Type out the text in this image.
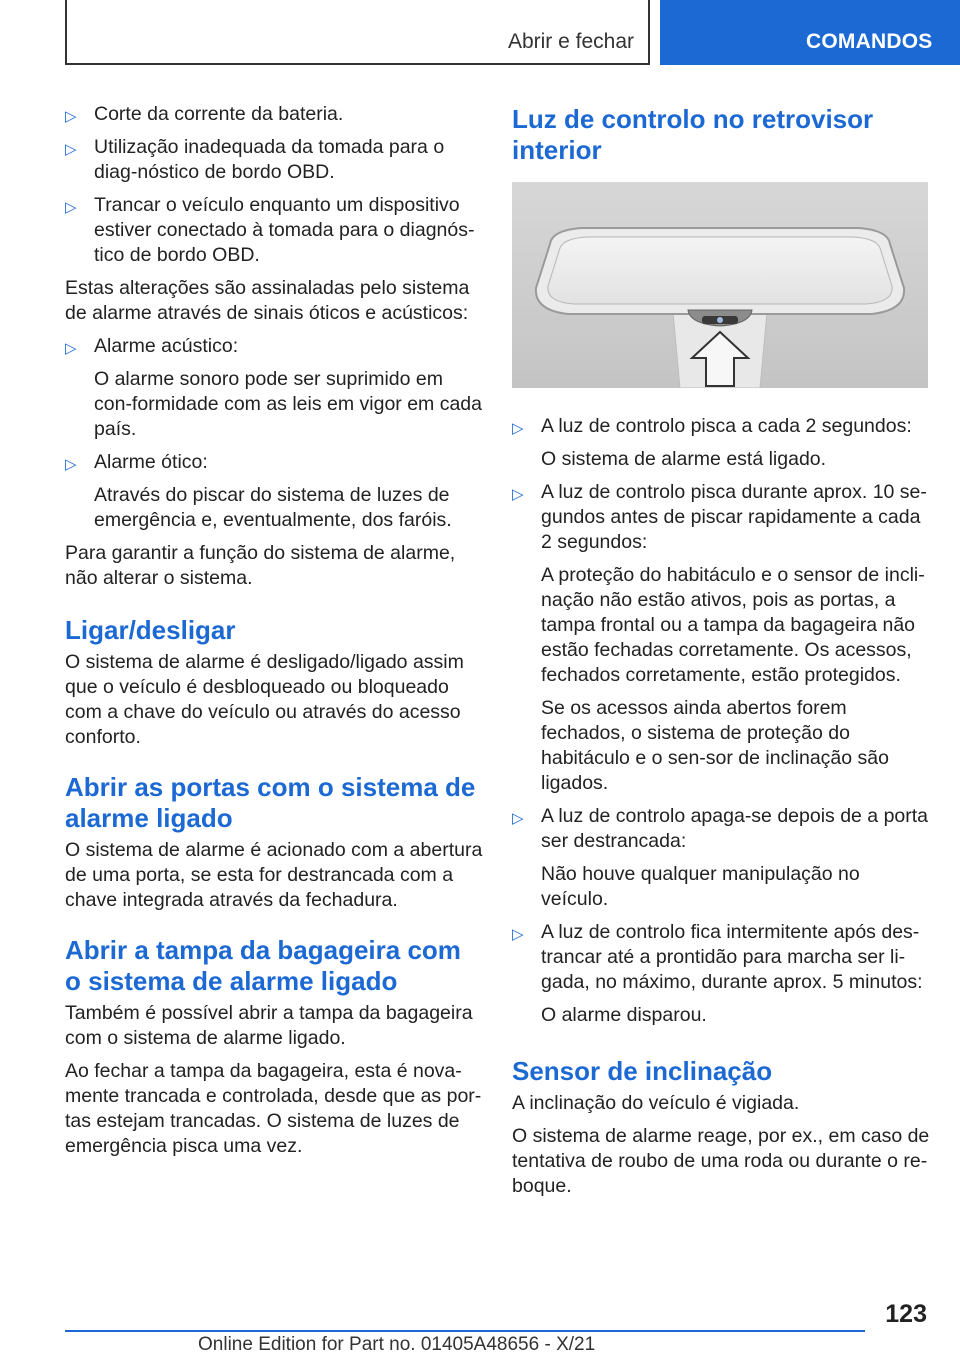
Abrir e fechar	COMANDOS
▷ Corte da corrente da bateria.

▷ Utilização inadequada da tomada para o diag-nóstico de bordo OBD.

▷ Trancar o veículo enquanto um dispositivo estiver conectado à tomada para o diagnós-tico de bordo OBD.

Estas alterações são assinaladas pelo sistema de alarme através de sinais óticos e acústicos:

▷ Alarme acústico:

O alarme sonoro pode ser suprimido em con-formidade com as leis em vigor em cada país.

▷ Alarme ótico:

Através do piscar do sistema de luzes de emergência e, eventualmente, dos faróis.

Para garantir a função do sistema de alarme, não alterar o sistema.

Ligar/desligar

O sistema de alarme é desligado/ligado assim que o veículo é desbloqueado ou bloqueado com a chave do veículo ou através do acesso conforto.

Abrir as portas com o sistema de alarme ligado

O sistema de alarme é acionado com a abertura de uma porta, se esta for destrancada com a chave integrada através da fechadura.

Abrir a tampa da bagageira com o sistema de alarme ligado

Também é possível abrir a tampa da bagageira com o sistema de alarme ligado.

Ao fechar a tampa da bagageira, esta é nova-mente trancada e controlada, desde que as por-tas estejam trancadas. O sistema de luzes de emergência pisca uma vez.

Luz de controlo no retrovisor interior
▷ A luz de controlo pisca a cada 2 segundos:

O sistema de alarme está ligado.

▷ A luz de controlo pisca durante aprox. 10 se-gundos antes de piscar rapidamente a cada 2 segundos:

A proteção do habitáculo e o sensor de incli-nação não estão ativos, pois as portas, a tampa frontal ou a tampa da bagageira não estão fechadas corretamente. Os acessos, fechados corretamente, estão protegidos.

Se os acessos ainda abertos forem fechados, o sistema de proteção do habitáculo e o sen-sor de inclinação são ligados.

▷ A luz de controlo apaga-se depois de a porta ser destrancada:

Não houve qualquer manipulação no veículo.

▷ A luz de controlo fica intermitente após des-trancar até a prontidão para marcha ser li-gada, no máximo, durante aprox. 5 minutos:

O alarme disparou.

Sensor de inclinação

A inclinação do veículo é vigiada.

O sistema de alarme reage, por ex., em caso de tentativa de roubo de uma roda ou durante o re-boque.

123
Online Edition for Part no. 01405A48656 - X/21
